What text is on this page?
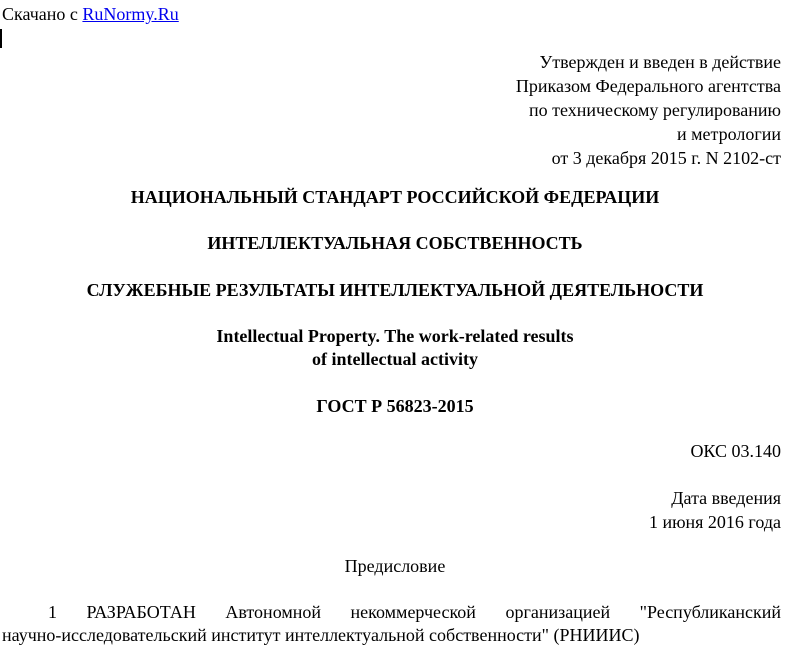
Скачано с RuNormy.Ru
Утвержден и введен в действие
Приказом Федерального агентства
по техническому регулированию
и метрологии
от 3 декабря 2015 г. N 2102-ст
НАЦИОНАЛЬНЫЙ СТАНДАРТ РОССИЙСКОЙ ФЕДЕРАЦИИ
ИНТЕЛЛЕКТУАЛЬНАЯ СОБСТВЕННОСТЬ
СЛУЖЕБНЫЕ РЕЗУЛЬТАТЫ ИНТЕЛЛЕКТУАЛЬНОЙ ДЕЯТЕЛЬНОСТИ
Intellectual Property. The work-related results
of intellectual activity
ГОСТ Р 56823-2015
ОКС 03.140
Дата введения
1 июня 2016 года
Предисловие
1 РАЗРАБОТАН Автономной некоммерческой организацией "Республиканский
научно-исследовательский институт интеллектуальной собственности" (РНИИИС)
